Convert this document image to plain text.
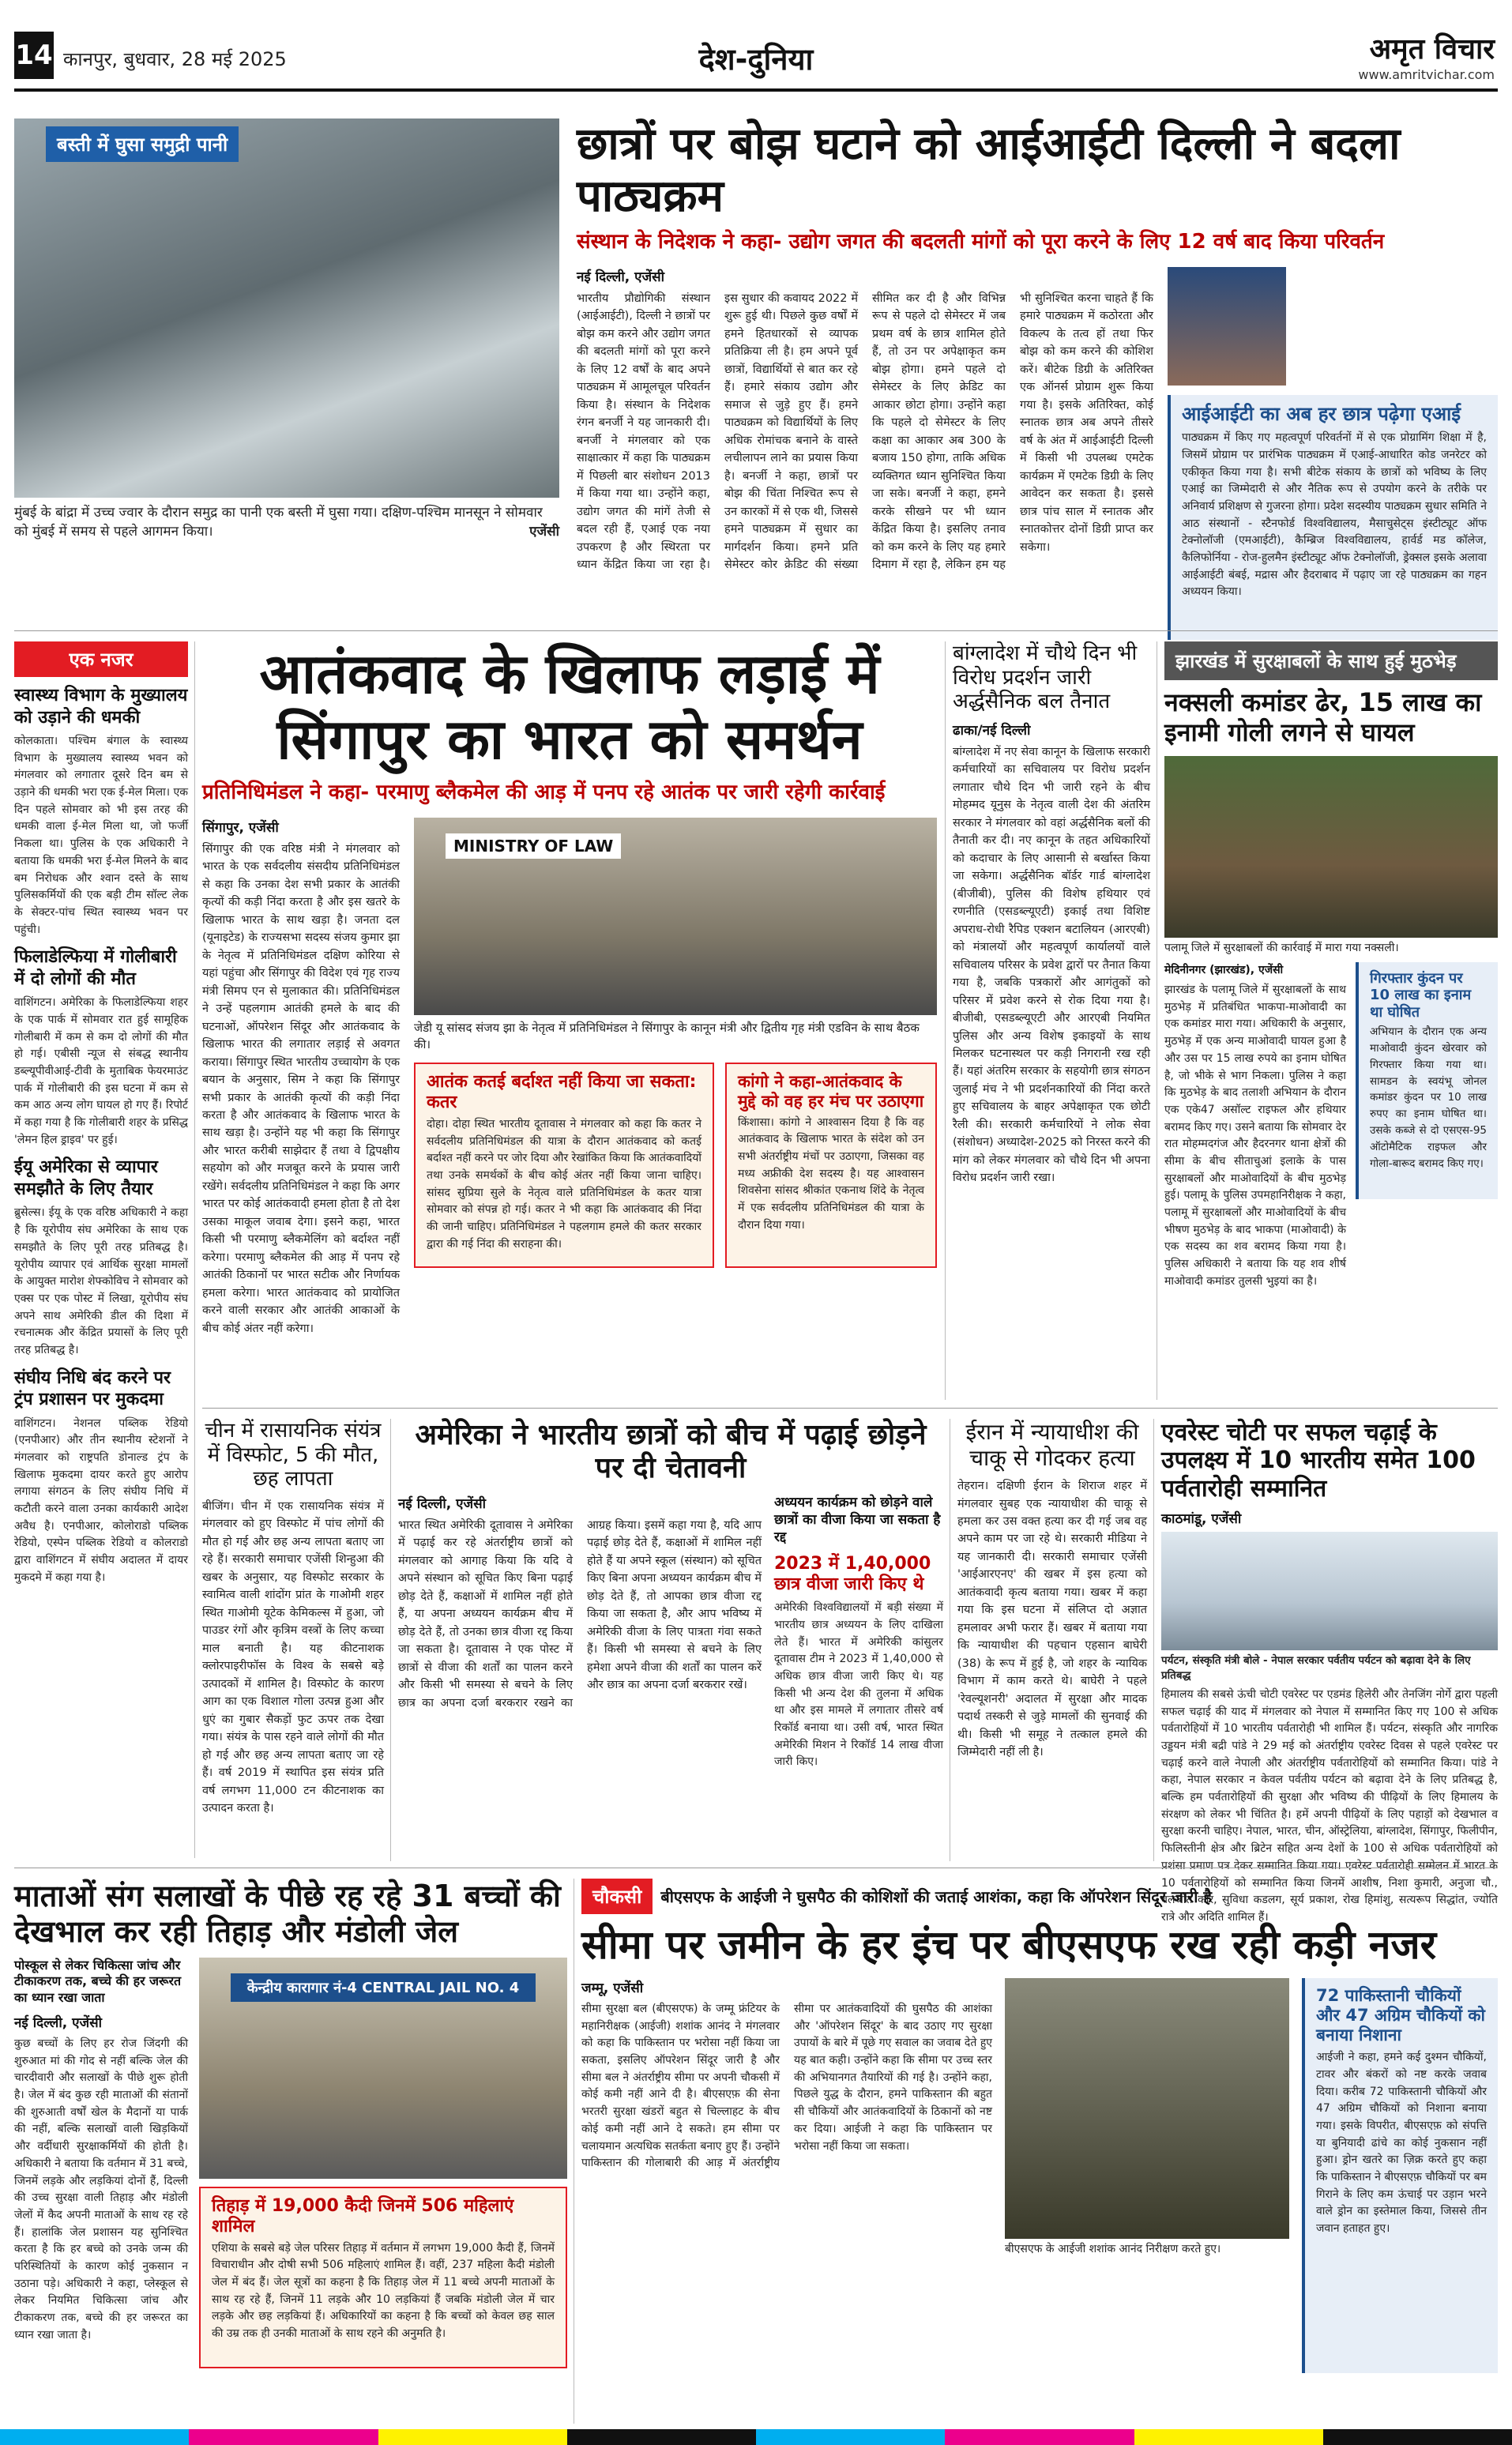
14 कानपुर, बुधवार, 28 मई 2025	देश-दुनिया	अमृत विचार
www.amritvichar.com
बस्ती में घुसा समुद्री पानी
मुंबई के बांद्रा में उच्च ज्वार के दौरान समुद्र का पानी एक बस्ती में घुसा गया। दक्षिण-पश्चिम मानसून ने सोमवार को मुंबई में समय से पहले आगमन किया।	एजेंसी
छात्रों पर बोझ घटाने को आईआईटी दिल्ली ने बदला पाठ्यक्रम
संस्थान के निदेशक ने कहा- उद्योग जगत की बदलती मांगों को पूरा करने के लिए 12 वर्ष बाद किया परिवर्तन
नई दिल्ली, एजेंसी
भारतीय प्रौद्योगिकी संस्थान (आईआईटी), दिल्ली ने छात्रों पर बोझ कम करने और उद्योग जगत की बदलती मांगों को पूरा करने के लिए 12 वर्षों के बाद अपने पाठ्यक्रम में आमूलचूल परिवर्तन किया है। संस्थान के निदेशक रंगन बनर्जी ने यह जानकारी दी। बनर्जी ने मंगलवार को एक साक्षात्कार में कहा कि पाठ्यक्रम में पिछली बार संशोधन 2013 में किया गया था। उन्होंने कहा, उद्योग जगत की मांगें तेजी से बदल रही हैं, एआई एक नया उपकरण है और स्थिरता पर ध्यान केंद्रित किया जा रहा है। इस सुधार की कवायद 2022 में शुरू हुई थी। पिछले कुछ वर्षों में हमने हितधारकों से व्यापक प्रतिक्रिया ली है। हम अपने पूर्व छात्रों, विद्यार्थियों से बात कर रहे हैं। हमारे संकाय उद्योग और समाज से जुड़े हुए हैं। हमने पाठ्यक्रम को विद्यार्थियों के लिए अधिक रोमांचक बनाने के वास्ते लचीलापन लाने का प्रयास किया है। बनर्जी ने कहा, छात्रों पर बोझ की चिंता निश्चित रूप से उन कारकों में से एक थी, जिससे हमने पाठ्यक्रम में सुधार का मार्गदर्शन किया। हमने प्रति सेमेस्टर कोर क्रेडिट की संख्या सीमित कर दी है और विभिन्न रूप से पहले दो सेमेस्टर में जब प्रथम वर्ष के छात्र शामिल होते हैं, तो उन पर अपेक्षाकृत कम बोझ होगा। हमने पहले दो सेमेस्टर के लिए क्रेडिट का आकार छोटा होगा। उन्होंने कहा कि पहले दो सेमेस्टर के लिए कक्षा का आकार अब 300 के बजाय 150 होगा, ताकि अधिक व्यक्तिगत ध्यान सुनिश्चित किया जा सके। बनर्जी ने कहा, हमने करके सीखने पर भी ध्यान केंद्रित किया है। इसलिए तनाव को कम करने के लिए यह हमारे दिमाग में रहा है, लेकिन हम यह भी सुनिश्चित करना चाहते हैं कि हमारे पाठ्यक्रम में कठोरता और विकल्प के तत्व हों तथा फिर बोझ को कम करने की कोशिश करें। बीटेक डिग्री के अतिरिक्त एक ऑनर्स प्रोग्राम शुरू किया गया है। इसके अतिरिक्त, कोई स्नातक छात्र अब अपने तीसरे वर्ष के अंत में आईआईटी दिल्ली में किसी भी उपलब्ध एमटेक कार्यक्रम में एमटेक डिग्री के लिए आवेदन कर सकता है। इससे छात्र पांच साल में स्नातक और स्नातकोत्तर दोनों डिग्री प्राप्त कर सकेगा।
आईआईटी का अब हर छात्र पढ़ेगा एआई
पाठ्यक्रम में किए गए महत्वपूर्ण परिवर्तनों में से एक प्रोग्रामिंग शिक्षा में है, जिसमें प्रोग्राम पर प्रारंभिक पाठ्यक्रम में एआई-आधारित कोड जनरेटर को एकीकृत किया गया है। सभी बीटेक संकाय के छात्रों को भविष्य के लिए एआई का जिम्मेदारी से और नैतिक रूप से उपयोग करने के तरीके पर अनिवार्य प्रशिक्षण से गुजरना होगा। प्रदेश सदस्यीय पाठ्यक्रम सुधार समिति ने आठ संस्थानों - स्टैनफोर्ड विश्वविद्यालय, मैसाचुसेट्स इंस्टीट्यूट ऑफ टेक्नोलॉजी (एमआईटी), कैम्ब्रिज विश्वविद्यालय, हार्वर्ड मड कॉलेज, कैलिफोर्निया - रोज-हुलमैन इंस्टीट्यूट ऑफ टेक्नोलॉजी, ड्रेक्सल इसके अलावा आईआईटी बंबई, मद्रास और हैदराबाद में पढ़ाए जा रहे पाठ्यक्रम का गहन अध्ययन किया।
एक नजर
स्वास्थ्य विभाग के मुख्यालय को उड़ाने की धमकी
कोलकाता। पश्चिम बंगाल के स्वास्थ्य विभाग के मुख्यालय स्वास्थ्य भवन को मंगलवार को लगातार दूसरे दिन बम से उड़ाने की धमकी भरा एक ई-मेल मिला। एक दिन पहले सोमवार को भी इस तरह की धमकी वाला ई-मेल मिला था, जो फर्जी निकला था। पुलिस के एक अधिकारी ने बताया कि धमकी भरा ई-मेल मिलने के बाद बम निरोधक और श्वान दस्ते के साथ पुलिसकर्मियों की एक बड़ी टीम सॉल्ट लेक के सेक्टर-पांच स्थित स्वास्थ्य भवन पर पहुंची।
फिलाडेल्फिया में गोलीबारी में दो लोगों की मौत
वाशिंगटन। अमेरिका के फिलाडेल्फिया शहर के एक पार्क में सोमवार रात हुई सामूहिक गोलीबारी में कम से कम दो लोगों की मौत हो गई। एबीसी न्यूज से संबद्ध स्थानीय डब्ल्यूपीवीआई-टीवी के मुताबिक फेयरमाउंट पार्क में गोलीबारी की इस घटना में कम से कम आठ अन्य लोग घायल हो गए हैं। रिपोर्ट में कहा गया है कि गोलीबारी शहर के प्रसिद्ध 'लेमन हिल ड्राइव' पर हुई।
ईयू अमेरिका से व्यापार समझौते के लिए तैयार
ब्रुसेल्स। ईयू के एक वरिष्ठ अधिकारी ने कहा है कि यूरोपीय संघ अमेरिका के साथ एक समझौते के लिए पूरी तरह प्रतिबद्ध है। यूरोपीय व्यापार एवं आर्थिक सुरक्षा मामलों के आयुक्त मारोश शेफ्कोविच ने सोमवार को एक्स पर एक पोस्ट में लिखा, यूरोपीय संघ अपने साथ अमेरिकी डील की दिशा में रचनात्मक और केंद्रित प्रयासों के लिए पूरी तरह प्रतिबद्ध है।
संघीय निधि बंद करने पर ट्रंप प्रशासन पर मुकदमा
वाशिंगटन। नेशनल पब्लिक रेडियो (एनपीआर) और तीन स्थानीय स्टेशनों ने मंगलवार को राष्ट्रपति डोनाल्ड ट्रंप के खिलाफ मुकदमा दायर करते हुए आरोप लगाया संगठन के लिए संघीय निधि में कटौती करने वाला उनका कार्यकारी आदेश अवैध है। एनपीआर, कोलोराडो पब्लिक रेडियो, एस्पेन पब्लिक रेडियो व कोलराडो द्वारा वाशिंगटन में संघीय अदालत में दायर मुकदमे में कहा गया है।
आतंकवाद के खिलाफ लड़ाई में सिंगापुर का भारत को समर्थन
प्रतिनिधिमंडल ने कहा- परमाणु ब्लैकमेल की आड़ में पनप रहे आतंक पर जारी रहेगी कार्रवाई
सिंगापुर, एजेंसी
सिंगापुर की एक वरिष्ठ मंत्री ने मंगलवार को भारत के एक सर्वदलीय संसदीय प्रतिनिधिमंडल से कहा कि उनका देश सभी प्रकार के आतंकी कृत्यों की कड़ी निंदा करता है और इस खतरे के खिलाफ भारत के साथ खड़ा है। जनता दल (यूनाइटेड) के राज्यसभा सदस्य संजय कुमार झा के नेतृत्व में प्रतिनिधिमंडल दक्षिण कोरिया से यहां पहुंचा और सिंगापुर की विदेश एवं गृह राज्य मंत्री सिमप एन से मुलाकात की। प्रतिनिधिमंडल ने उन्हें पहलगाम आतंकी हमले के बाद की घटनाओं, ऑपरेशन सिंदूर और आतंकवाद के खिलाफ भारत की लगातार लड़ाई से अवगत कराया। सिंगापुर स्थित भारतीय उच्चायोग के एक बयान के अनुसार, सिम ने कहा कि सिंगापुर सभी प्रकार के आतंकी कृत्यों की कड़ी निंदा करता है और आतंकवाद के खिलाफ भारत के साथ खड़ा है। उन्होंने यह भी कहा कि सिंगापुर और भारत करीबी साझेदार हैं तथा वे द्विपक्षीय सहयोग को और मजबूत करने के प्रयास जारी रखेंगे। सर्वदलीय प्रतिनिधिमंडल ने कहा कि अगर भारत पर कोई आतंकवादी हमला होता है तो देश उसका माकूल जवाब देगा। इसने कहा, भारत किसी भी परमाणु ब्लैकमेलिंग को बर्दाश्त नहीं करेगा। परमाणु ब्लैकमेल की आड़ में पनप रहे आतंकी ठिकानों पर भारत सटीक और निर्णायक हमला करेगा। भारत आतंकवाद को प्रायोजित करने वाली सरकार और आतंकी आकाओं के बीच कोई अंतर नहीं करेगा।
MINISTRY OF LAW
जेडी यू सांसद संजय झा के नेतृत्व में प्रतिनिधिमंडल ने सिंगापुर के कानून मंत्री और द्वितीय गृह मंत्री एडविन के साथ बैठक की।
आतंक कतई बर्दाश्त नहीं किया जा सकता: कतर
दोहा। दोहा स्थित भारतीय दूतावास ने मंगलवार को कहा कि कतर ने सर्वदलीय प्रतिनिधिमंडल की यात्रा के दौरान आतंकवाद को कतई बर्दाश्त नहीं करने पर जोर दिया और रेखांकित किया कि आतंकवादियों तथा उनके समर्थकों के बीच कोई अंतर नहीं किया जाना चाहिए। सांसद सुप्रिया सुले के नेतृत्व वाले प्रतिनिधिमंडल के कतर यात्रा सोमवार को संपन्न हो गई। कतर ने भी कहा कि आतंकवाद की निंदा की जानी चाहिए। प्रतिनिधिमंडल ने पहलगाम हमले की कतर सरकार द्वारा की गई निंदा की सराहना की।
कांगो ने कहा-आतंकवाद के मुद्दे को वह हर मंच पर उठाएगा
किंशासा। कांगो ने आश्वासन दिया है कि वह आतंकवाद के खिलाफ भारत के संदेश को उन सभी अंतर्राष्ट्रीय मंचों पर उठाएगा, जिसका वह मध्य अफ्रीकी देश सदस्य है। यह आश्वासन शिवसेना सांसद श्रीकांत एकनाथ शिंदे के नेतृत्व में एक सर्वदलीय प्रतिनिधिमंडल की यात्रा के दौरान दिया गया।
बांग्लादेश में चौथे दिन भी विरोध प्रदर्शन जारी अर्द्धसैनिक बल तैनात
ढाका/नई दिल्ली
बांग्लादेश में नए सेवा कानून के खिलाफ सरकारी कर्मचारियों का सचिवालय पर विरोध प्रदर्शन लगातार चौथे दिन भी जारी रहने के बीच मोहम्मद यूनुस के नेतृत्व वाली देश की अंतरिम सरकार ने मंगलवार को वहां अर्द्धसैनिक बलों की तैनाती कर दी। नए कानून के तहत अधिकारियों को कदाचार के लिए आसानी से बर्खास्त किया जा सकेगा। अर्द्धसैनिक बॉर्डर गार्ड बांग्लादेश (बीजीबी), पुलिस की विशेष हथियार एवं रणनीति (एसडब्ल्यूएटी) इकाई तथा विशिष्ट अपराध-रोधी रैपिड एक्शन बटालियन (आरएबी) को मंत्रालयों और महत्वपूर्ण कार्यालयों वाले सचिवालय परिसर के प्रवेश द्वारों पर तैनात किया गया है, जबकि पत्रकारों और आगंतुकों को परिसर में प्रवेश करने से रोक दिया गया है। बीजीबी, एसडब्ल्यूएटी और आरएबी नियमित पुलिस और अन्य विशेष इकाइयों के साथ मिलकर घटनास्थल पर कड़ी निगरानी रख रही हैं। यहां अंतरिम सरकार के सहयोगी छात्र संगठन जुलाई मंच ने भी प्रदर्शनकारियों की निंदा करते हुए सचिवालय के बाहर अपेक्षाकृत एक छोटी रैली की। सरकारी कर्मचारियों ने लोक सेवा (संशोधन) अध्यादेश-2025 को निरस्त करने की मांग को लेकर मंगलवार को चौथे दिन भी अपना विरोध प्रदर्शन जारी रखा।
झारखंड में सुरक्षाबलों के साथ हुई मुठभेड़
नक्सली कमांडर ढेर, 15 लाख का इनामी गोली लगने से घायल
पलामू जिले में सुरक्षाबलों की कार्रवाई में मारा गया नक्सली।
मेदिनीनगर (झारखंड), एजेंसी
झारखंड के पलामू जिले में सुरक्षाबलों के साथ मुठभेड़ में प्रतिबंधित भाकपा-माओवादी का एक कमांडर मारा गया। अधिकारी के अनुसार, मुठभेड़ में एक अन्य माओवादी घायल हुआ है और उस पर 15 लाख रुपये का इनाम घोषित है, जो भीके से भाग निकला। पुलिस ने कहा कि मुठभेड़ के बाद तलाशी अभियान के दौरान एक एके47 असॉल्ट राइफल और हथियार बरामद किए गए। उसने बताया कि सोमवार देर रात मोहम्मदगंज और हैदरनगर थाना क्षेत्रों की सीमा के बीच सीताचुआं इलाके के पास सुरक्षाबलों और माओवादियों के बीच मुठभेड़ हुई। पलामू के पुलिस उपमहानिरीक्षक ने कहा, पलामू में सुरक्षाबलों और माओवादियों के बीच भीषण मुठभेड़ के बाद भाकपा (माओवादी) के एक सदस्य का शव बरामद किया गया है। पुलिस अधिकारी ने बताया कि यह शव शीर्ष माओवादी कमांडर तुलसी भुइयां का है।
गिरफ्तार कुंदन पर 10 लाख का इनाम था घोषित
अभियान के दौरान एक अन्य माओवादी कुंदन खेरवार को गिरफ्तार किया गया था। सामडन के स्वयंभू जोनल कमांडर कुंदन पर 10 लाख रुपए का इनाम घोषित था। उसके कब्जे से दो एसएस-95 ऑटोमैटिक राइफल और गोला-बारूद बरामद किए गए।
चीन में रासायनिक संयंत्र में विस्फोट, 5 की मौत, छह लापता
बीजिंग। चीन में एक रासायनिक संयंत्र में मंगलवार को हुए विस्फोट में पांच लोगों की मौत हो गई और छह अन्य लापता बताए जा रहे हैं। सरकारी समाचार एजेंसी शिन्हुआ की खबर के अनुसार, यह विस्फोट सरकार के स्वामित्व वाली शांदोंग प्रांत के गाओमी शहर स्थित गाओमी यूटेक केमिकल्स में हुआ, जो पाउडर रंगों और कृत्रिम वस्त्रों के लिए कच्चा माल बनाती है। यह कीटनाशक क्लोरपाइरीफॉस के विश्व के सबसे बड़े उत्पादकों में शामिल है। विस्फोट के कारण आग का एक विशाल गोला उत्पन्न हुआ और धुएं का गुबार सैकड़ों फुट ऊपर तक देखा गया। संयंत्र के पास रहने वाले लोगों की मौत हो गई और छह अन्य लापता बताए जा रहे हैं। वर्ष 2019 में स्थापित इस संयंत्र प्रति वर्ष लगभग 11,000 टन कीटनाशक का उत्पादन करता है।
अमेरिका ने भारतीय छात्रों को बीच में पढ़ाई छोड़ने पर दी चेतावनी
नई दिल्ली, एजेंसी
भारत स्थित अमेरिकी दूतावास ने अमेरिका में पढ़ाई कर रहे अंतर्राष्ट्रीय छात्रों को मंगलवार को आगाह किया कि यदि वे अपने संस्थान को सूचित किए बिना पढ़ाई छोड़ देते हैं, कक्षाओं में शामिल नहीं होते हैं, या अपना अध्ययन कार्यक्रम बीच में छोड़ देते हैं, तो उनका छात्र वीजा रद्द किया जा सकता है। दूतावास ने एक पोस्ट में छात्रों से वीजा की शर्तों का पालन करने और किसी भी समस्या से बचने के लिए छात्र का अपना दर्जा बरकरार रखने का आग्रह किया। इसमें कहा गया है, यदि आप पढ़ाई छोड़ देते हैं, कक्षाओं में शामिल नहीं होते हैं या अपने स्कूल (संस्थान) को सूचित किए बिना अपना अध्ययन कार्यक्रम बीच में छोड़ देते हैं, तो आपका छात्र वीजा रद्द किया जा सकता है, और आप भविष्य में अमेरिकी वीजा के लिए पात्रता गंवा सकते हैं। किसी भी समस्या से बचने के लिए हमेशा अपने वीजा की शर्तों का पालन करें और छात्र का अपना दर्जा बरकरार रखें।
अध्ययन कार्यक्रम को छोड़ने वाले छात्रों का वीजा किया जा सकता है रद्द
2023 में 1,40,000 छात्र वीजा जारी किए थे
अमेरिकी विश्वविद्यालयों में बड़ी संख्या में भारतीय छात्र अध्ययन के लिए दाखिला लेते हैं। भारत में अमेरिकी कांसुलर दूतावास टीम ने 2023 में 1,40,000 से अधिक छात्र वीजा जारी किए थे। यह किसी भी अन्य देश की तुलना में अधिक था और इस मामले में लगातार तीसरे वर्ष रिकॉर्ड बनाया था। उसी वर्ष, भारत स्थित अमेरिकी मिशन ने रिकॉर्ड 14 लाख वीजा जारी किए।
ईरान में न्यायाधीश की चाकू से गोदकर हत्या
तेहरान। दक्षिणी ईरान के शिराज शहर में मंगलवार सुबह एक न्यायाधीश की चाकू से हमला कर उस वक्त हत्या कर दी गई जब वह अपने काम पर जा रहे थे। सरकारी मीडिया ने यह जानकारी दी। सरकारी समाचार एजेंसी 'आईआरएनए' की खबर में इस हत्या को आतंकवादी कृत्य बताया गया। खबर में कहा गया कि इस घटना में संलिप्त दो अज्ञात हमलावर अभी फरार हैं। खबर में बताया गया कि न्यायाधीश की पहचान एहसान बाघेरी (38) के रूप में हुई है, जो शहर के न्यायिक विभाग में काम करते थे। बाघेरी ने पहले 'रेवल्यूशनरी' अदालत में सुरक्षा और मादक पदार्थ तस्करी से जुड़े मामलों की सुनवाई की थी। किसी भी समूह ने तत्काल हमले की जिम्मेदारी नहीं ली है।
एवरेस्ट चोटी पर सफल चढ़ाई के उपलक्ष्य में 10 भारतीय समेत 100 पर्वतारोही सम्मानित
काठमांडू, एजेंसी
पर्यटन, संस्कृति मंत्री बोले - नेपाल सरकार पर्वतीय पर्यटन को बढ़ावा देने के लिए प्रतिबद्ध
हिमालय की सबसे ऊंची चोटी एवरेस्ट पर एडमंड हिलेरी और तेनजिंग नोर्गे द्वारा पहली सफल चढ़ाई की याद में मंगलवार को नेपाल में सम्मानित किए गए 100 से अधिक पर्वतारोहियों में 10 भारतीय पर्वतारोही भी शामिल हैं। पर्यटन, संस्कृति और नागरिक उड्डयन मंत्री बद्री पांडे ने 29 मई को अंतर्राष्ट्रीय एवरेस्ट दिवस से पहले एवरेस्ट पर चढ़ाई करने वाले नेपाली और अंतर्राष्ट्रीय पर्वतारोहियों को सम्मानित किया। पांडे ने कहा, नेपाल सरकार न केवल पर्वतीय पर्यटन को बढ़ावा देने के लिए प्रतिबद्ध है, बल्कि हम पर्वतारोहियों की सुरक्षा और भविष्य की पीढ़ियों के लिए हिमालय के संरक्षण को लेकर भी चिंतित है। हमें अपनी पीढ़ियों के लिए पहाड़ों को देखभाल व सुरक्षा करनी चाहिए। नेपाल, भारत, चीन, ऑस्ट्रेलिया, बांग्लादेश, सिंगापुर, फिलीपीन, फिलिस्तीनी क्षेत्र और ब्रिटेन सहित अन्य देशों के 100 से अधिक पर्वतारोहियों को प्रशंसा प्रमाण पत्र देकर सम्मानित किया गया। एवरेस्ट पर्वतारोही सम्मेलन में भारत के 10 पर्वतारोहियों को सम्मानित किया जिनमें आशीष, निशा कुमारी, अनुजा चौ., बलजीत कौर, सुविधा कडलग, सूर्य प्रकाश, रोख हिमांशु, सत्यरूप सिद्धांत, ज्योति रात्रे और अदिति शामिल हैं।
माताओं संग सलाखों के पीछे रह रहे 31 बच्चों की देखभाल कर रही तिहाड़ और मंडोली जेल
पोस्कूल से लेकर चिकित्सा जांच और टीकाकरण तक, बच्चे की हर जरूरत का ध्यान रखा जाता
नई दिल्ली, एजेंसी
कुछ बच्चों के लिए हर रोज जिंदगी की शुरुआत मां की गोद से नहीं बल्कि जेल की चारदीवारी और सलाखों के पीछे शुरू होती है। जेल में बंद कुछ रही माताओं की संतानों की शुरुआती वर्षों खेल के मैदानों या पार्क की नहीं, बल्कि सलाखों वाली खिड़कियों और वर्दीधारी सुरक्षाकर्मियों की होती है। अधिकारी ने बताया कि वर्तमान में 31 बच्चे, जिनमें लड़के और लड़कियां दोनों हैं, दिल्ली की उच्च सुरक्षा वाली तिहाड़ और मंडोली जेलों में कैद अपनी माताओं के साथ रह रहे हैं। हालांकि जेल प्रशासन यह सुनिश्चित करता है कि हर बच्चे को उनके जन्म की परिस्थितियों के कारण कोई नुकसान न उठाना पड़े। अधिकारी ने कहा, प्लेस्कूल से लेकर नियमित चिकित्सा जांच और टीकाकरण तक, बच्चे की हर जरूरत का ध्यान रखा जाता है।
केन्द्रीय कारागार नं-4 CENTRAL JAIL NO. 4
तिहाड़ में 19,000 कैदी जिनमें 506 महिलाएं शामिल
एशिया के सबसे बड़े जेल परिसर तिहाड़ में वर्तमान में लगभग 19,000 कैदी हैं, जिनमें विचाराधीन और दोषी सभी 506 महिलाएं शामिल हैं। वहीं, 237 महिला कैदी मंडोली जेल में बंद हैं। जेल सूत्रों का कहना है कि तिहाड़ जेल में 11 बच्चे अपनी माताओं के साथ रह रहे हैं, जिनमें 11 लड़के और 10 लड़कियां हैं जबकि मंडोली जेल में चार लड़के और छह लड़कियां हैं। अधिकारियों का कहना है कि बच्चों को केवल छह साल की उम्र तक ही उनकी माताओं के साथ रहने की अनुमति है।
चौकसी	बीएसएफ के आईजी ने घुसपैठ की कोशिशों की जताई आशंका, कहा कि ऑपरेशन सिंदूर जारी है
सीमा पर जमीन के हर इंच पर बीएसएफ रख रही कड़ी नजर
जम्मू, एजेंसी
सीमा सुरक्षा बल (बीएसएफ) के जम्मू फ्रंटियर के महानिरीक्षक (आईजी) शशांक आनंद ने मंगलवार को कहा कि पाकिस्तान पर भरोसा नहीं किया जा सकता, इसलिए ऑपरेशन सिंदूर जारी है और सीमा बल ने अंतर्राष्ट्रीय सीमा पर अपनी चौकसी में कोई कमी नहीं आने दी है। बीएसएफ़ की सेना भरतरी सुरक्षा खंडरों बहुत से चिल्लाहट के बीच कोई कमी नहीं आने दे सकते। हम सीमा पर चलायमान अत्यधिक सतर्कता बनाए हुए हैं। उन्होंने पाकिस्तान की गोलाबारी की आड़ में अंतर्राष्ट्रीय सीमा पर आतंकवादियों की घुसपैठ की आशंका और 'ऑपरेशन सिंदूर' के बाद उठाए गए सुरक्षा उपायों के बारे में पूछे गए सवाल का जवाब देते हुए यह बात कही। उन्होंने कहा कि सीमा पर उच्च स्तर की अभियानगत तैयारियों की गई है। उन्होंने कहा, पिछले युद्ध के दौरान, हमने पाकिस्तान की बहुत सी चौकियों और आतंकवादियों के ठिकानों को नष्ट कर दिया। आईजी ने कहा कि पाकिस्तान पर भरोसा नहीं किया जा सकता।
बीएसएफ के आईजी शशांक आनंद निरीक्षण करते हुए।
72 पाकिस्तानी चौकियों और 47 अग्रिम चौकियों को बनाया निशाना
आईजी ने कहा, हमने कई दुश्मन चौकियों, टावर और बंकरों को नष्ट करके जवाब दिया। करीब 72 पाकिस्तानी चौकियों और 47 अग्रिम चौकियों को निशाना बनाया गया। इसके विपरीत, बीएसएफ़ को संपत्ति या बुनियादी ढांचे का कोई नुकसान नहीं हुआ। ड्रोन खतरे का ज़िक्र करते हुए कहा कि पाकिस्तान ने बीएसएफ़ चौकियों पर बम गिराने के लिए कम ऊंचाई पर उड़ान भरने वाले ड्रोन का इस्तेमाल किया, जिससे तीन जवान हताहत हुए।
